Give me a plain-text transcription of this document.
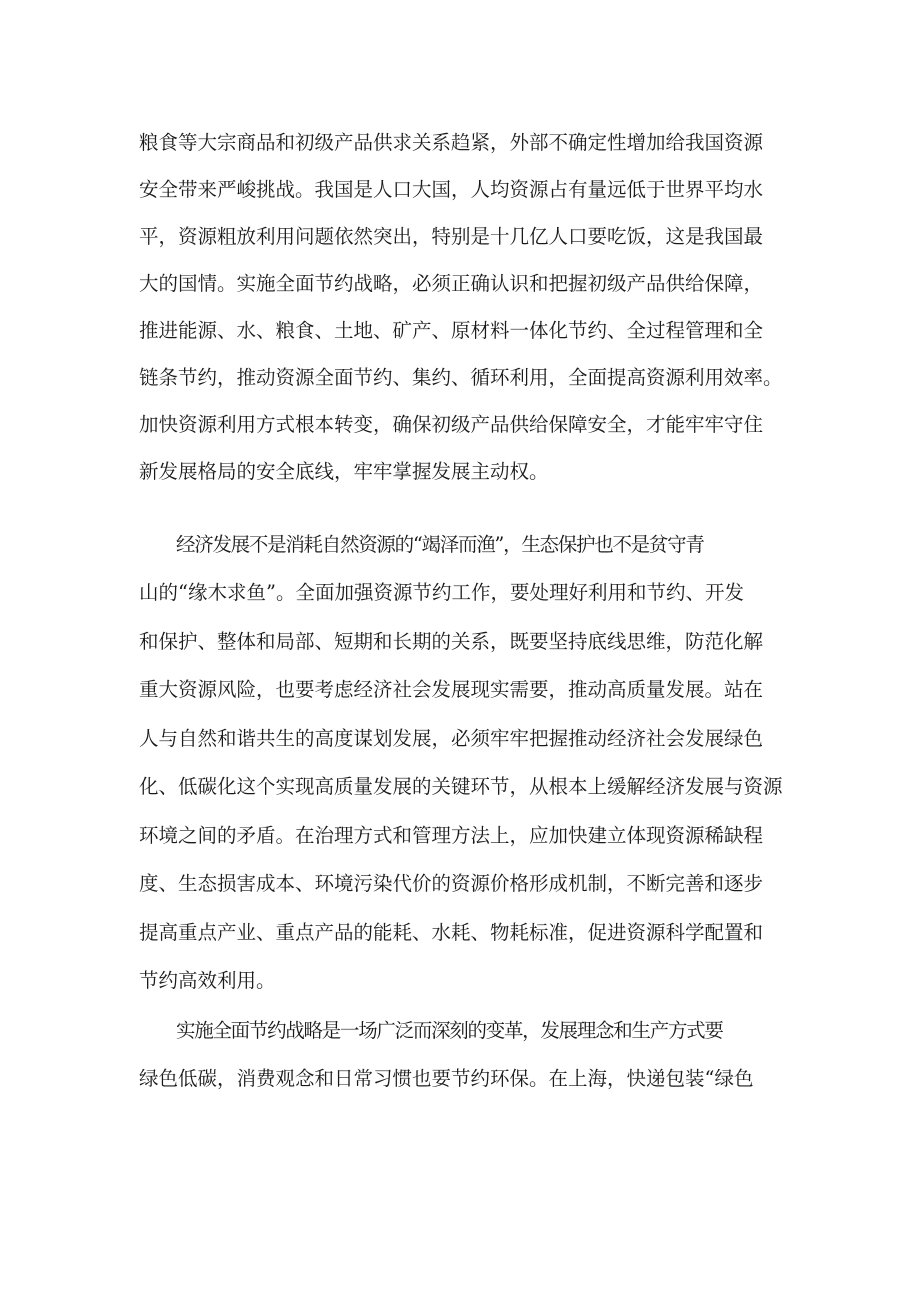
粮食等大宗商品和初级产品供求关系趋紧，外部不确定性增加给我国资源
安全带来严峻挑战。我国是人口大国，人均资源占有量远低于世界平均水
平，资源粗放利用问题依然突出，特别是十几亿人口要吃饭，这是我国最
大的国情。实施全面节约战略，必须正确认识和把握初级产品供给保障，
推进能源、水、粮食、土地、矿产、原材料一体化节约、全过程管理和全
链条节约，推动资源全面节约、集约、循环利用，全面提高资源利用效率。
加快资源利用方式根本转变，确保初级产品供给保障安全，才能牢牢守住
新发展格局的安全底线，牢牢掌握发展主动权。
经济发展不是消耗自然资源的“竭泽而渔”，生态保护也不是贫守青
山的“缘木求鱼”。全面加强资源节约工作，要处理好利用和节约、开发
和保护、整体和局部、短期和长期的关系，既要坚持底线思维，防范化解
重大资源风险，也要考虑经济社会发展现实需要，推动高质量发展。站在
人与自然和谐共生的高度谋划发展，必须牢牢把握推动经济社会发展绿色
化、低碳化这个实现高质量发展的关键环节，从根本上缓解经济发展与资源
环境之间的矛盾。在治理方式和管理方法上，应加快建立体现资源稀缺程
度、生态损害成本、环境污染代价的资源价格形成机制，不断完善和逐步
提高重点产业、重点产品的能耗、水耗、物耗标准，促进资源科学配置和
节约高效利用。
实施全面节约战略是一场广泛而深刻的变革，发展理念和生产方式要
绿色低碳，消费观念和日常习惯也要节约环保。在上海，快递包装“绿色
